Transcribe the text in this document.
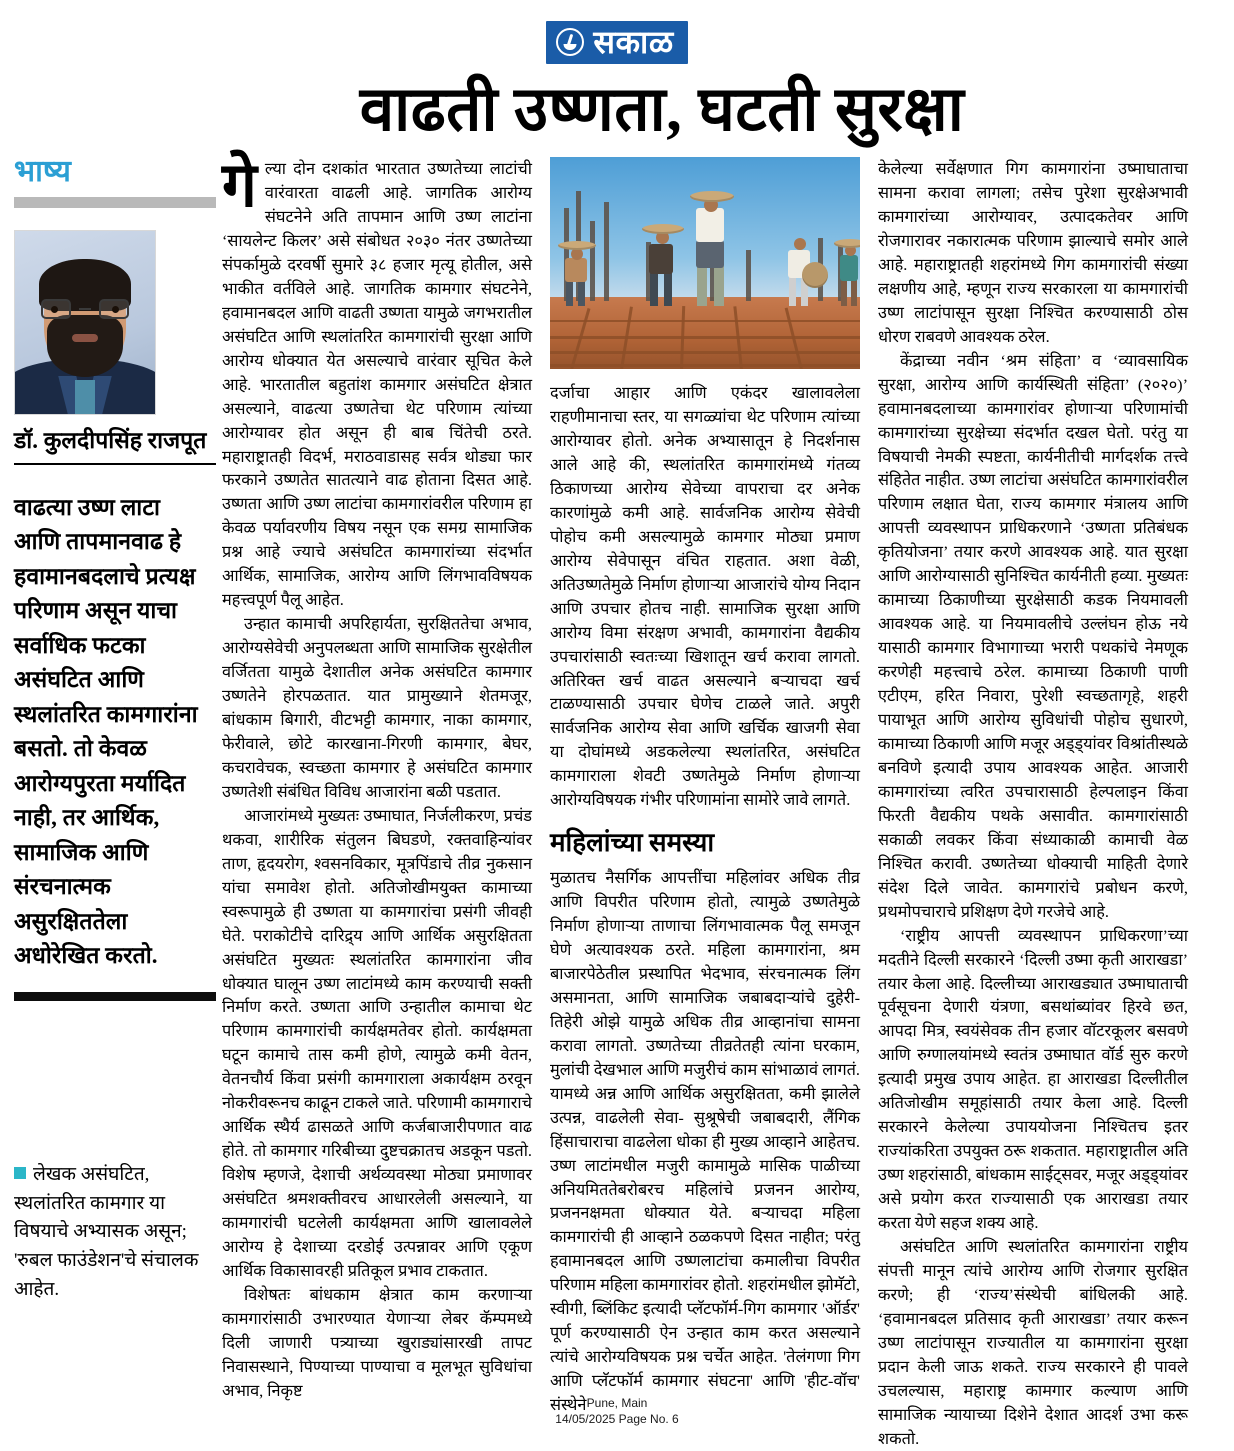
सकाळ
वाढती उष्णता, घटती सुरक्षा
भाष्य
डॉ. कुलदीपसिंह राजपूत
वाढत्या उष्ण लाटा आणि तापमानवाढ हे हवामानबदलाचे प्रत्यक्ष परिणाम असून याचा सर्वाधिक फटका असंघटित आणि स्थलांतरित कामगारांना बसतो. तो केवळ आरोग्यपुरता मर्यादित नाही, तर आर्थिक, सामाजिक आणि संरचनात्मक असुरक्षिततेला अधोरेखित करतो.
लेखक असंघटित, स्थलांतरित कामगार या विषयाचे अभ्यासक असून; 'रुबल फाउंडेशन'चे संचालक आहेत.

गेल्या दोन दशकांत भारतात उष्णतेच्या लाटांची वारंवारता वाढली आहे. जागतिक आरोग्य संघटनेने अति तापमान आणि उष्ण लाटांना ‘सायलेन्ट किलर’ असे संबोधत २०३० नंतर उष्णतेच्या संपर्कामुळे दरवर्षी सुमारे ३८ हजार मृत्यू होतील, असे भाकीत वर्तविले आहे. जागतिक कामगार संघटनेने, हवामानबदल आणि वाढती उष्णता यामुळे जगभरातील असंघटित आणि स्थलांतरित कामगारांची सुरक्षा आणि आरोग्य धोक्यात येत असल्याचे वारंवार सूचित केले आहे. भारतातील बहुतांश कामगार असंघटित क्षेत्रात असल्याने, वाढत्या उष्णतेचा थेट परिणाम त्यांच्या आरोग्यावर होत असून ही बाब चिंतेची ठरते. महाराष्ट्रातही विदर्भ, मराठवाडासह सर्वत्र थोड्या फार फरकाने उष्णतेत सातत्याने वाढ होताना दिसत आहे. उष्णता आणि उष्ण लाटांचा कामगारांवरील परिणाम हा केवळ पर्यावरणीय विषय नसून एक समग्र सामाजिक प्रश्न आहे ज्याचे असंघटित कामगारांच्या संदर्भात आर्थिक, सामाजिक, आरोग्य आणि लिंगभावविषयक महत्त्वपूर्ण पैलू आहेत.

उन्हात कामाची अपरिहार्यता, सुरक्षिततेचा अभाव, आरोग्यसेवेची अनुपलब्धता आणि सामाजिक सुरक्षेतील वर्जितता यामुळे देशातील अनेक असंघटित कामगार उष्णतेने होरपळतात. यात प्रामुख्याने शेतमजूर, बांधकाम बिगारी, वीटभट्टी कामगार, नाका कामगार, फेरीवाले, छोटे कारखाना-गिरणी कामगार, बेघर, कचरावेचक, स्वच्छता कामगार हे असंघटित कामगार उष्णतेशी संबंधित विविध आजारांना बळी पडतात.

आजारांमध्ये मुख्यतः उष्माघात, निर्जलीकरण, प्रचंड थकवा, शारीरिक संतुलन बिघडणे, रक्तवाहिन्यांवर ताण, हृदयरोग, श्वसनविकार, मूत्रपिंडाचे तीव्र नुकसान यांचा समावेश होतो. अतिजोखीमयुक्त कामाच्या स्वरूपामुळे ही उष्णता या कामगारांचा प्रसंगी जीवही घेते. पराकोटीचे दारिद्र्य आणि आर्थिक असुरक्षितता असंघटित मुख्यतः स्थलांतरित कामगारांना जीव धोक्यात घालून उष्ण लाटांमध्ये काम करण्याची सक्ती निर्माण करते. उष्णता आणि उन्हातील कामाचा थेट परिणाम कामगारांची कार्यक्षमतेवर होतो. कार्यक्षमता घटून कामाचे तास कमी होणे, त्यामुळे कमी वेतन, वेतनचौर्य किंवा प्रसंगी कामगाराला अकार्यक्षम ठरवून नोकरीवरूनच काढून टाकले जाते. परिणामी कामगाराचे आर्थिक स्थैर्य ढासळते आणि कर्जबाजारीपणात वाढ होते. तो कामगार गरिबीच्या दुष्टचक्रातच अडकून पडतो. विशेष म्हणजे, देशाची अर्थव्यवस्था मोठ्या प्रमाणावर असंघटित श्रमशक्तीवरच आधारलेली असल्याने, या कामगारांची घटलेली कार्यक्षमता आणि खालावलेले आरोग्य हे देशाच्या दरडोई उत्पन्नावर आणि एकूण आर्थिक विकासावरही प्रतिकूल प्रभाव टाकतात.

विशेषतः बांधकाम क्षेत्रात काम करणाऱ्या कामगारांसाठी उभारण्यात येणाऱ्या लेबर कॅम्पमध्ये दिली जाणारी पत्र्याच्या खुराड्यांसारखी तापट निवासस्थाने, पिण्याच्या पाण्याचा व मूलभूत सुविधांचा अभाव, निकृष्ट

दर्जाचा आहार आणि एकंदर खालावलेला राहणीमानाचा स्तर, या सगळ्यांचा थेट परिणाम त्यांच्या आरोग्यावर होतो. अनेक अभ्यासातून हे निदर्शनास आले आहे की, स्थलांतरित कामगारांमध्ये गंतव्य ठिकाणच्या आरोग्य सेवेच्या वापराचा दर अनेक कारणांमुळे कमी आहे. सार्वजनिक आरोग्य सेवेची पोहोच कमी असल्यामुळे कामगार मोठ्या प्रमाण आरोग्य सेवेपासून वंचित राहतात. अशा वेळी, अतिउष्णतेमुळे निर्माण होणाऱ्या आजारांचे योग्य निदान आणि उपचार होतच नाही. सामाजिक सुरक्षा आणि आरोग्य विमा संरक्षण अभावी, कामगारांना वैद्यकीय उपचारांसाठी स्वतःच्या खिशातून खर्च करावा लागतो. अतिरिक्त खर्च वाढत असल्याने बऱ्याचदा खर्च टाळण्यासाठी उपचार घेणेच टाळले जाते. अपुरी सार्वजनिक आरोग्य सेवा आणि खर्चिक खाजगी सेवा या दोघांमध्ये अडकलेल्या स्थलांतरित, असंघटित कामगाराला शेवटी उष्णतेमुळे निर्माण होणाऱ्या आरोग्यविषयक गंभीर परिणामांना सामोरे जावे लागते.

महिलांच्या समस्या

मुळातच नैसर्गिक आपत्तींचा महिलांवर अधिक तीव्र आणि विपरीत परिणाम होतो, त्यामुळे उष्णतेमुळे निर्माण होणाऱ्या ताणाचा लिंगभावात्मक पैलू समजून घेणे अत्यावश्यक ठरते. महिला कामगारांना, श्रम बाजारपेठेतील प्रस्थापित भेदभाव, संरचनात्मक लिंग असमानता, आणि सामाजिक जबाबदाऱ्यांचे दुहेरी-तिहेरी ओझे यामुळे अधिक तीव्र आव्हानांचा सामना करावा लागतो. उष्णतेच्या तीव्रतेतही त्यांना घरकाम, मुलांची देखभाल आणि मजुरीचं काम सांभाळावं लागतं. यामध्ये अन्न आणि आर्थिक असुरक्षितता, कमी झालेले उत्पन्न, वाढलेली सेवा- सुश्रूषेची जबाबदारी, लैंगिक हिंसाचाराचा वाढलेला धोका ही मुख्य आव्हाने आहेतच. उष्ण लाटांमधील मजुरी कामामुळे मासिक पाळीच्या अनियमिततेबरोबरच महिलांचे प्रजनन आरोग्य, प्रजननक्षमता धोक्यात येते. बऱ्याचदा महिला कामगारांची ही आव्हाने ठळकपणे दिसत नाहीत; परंतु हवामानबदल आणि उष्णलाटांचा कमालीचा विपरीत परिणाम महिला कामगारांवर होतो. शहरांमधील झोमॅटो, स्वीगी, ब्लिंकिट इत्यादी प्लॅटफॉर्म-गिग कामगार 'ऑर्डर' पूर्ण करण्यासाठी ऐन उन्हात काम करत असल्याने त्यांचे आरोग्यविषयक प्रश्न चर्चेत आहेत. 'तेलंगणा गिग आणि प्लॅटफॉर्म कामगार संघटना' आणि 'हीट-वॉच' संस्थेने

केलेल्या सर्वेक्षणात गिग कामगारांना उष्माघाताचा सामना करावा लागला; तसेच पुरेशा सुरक्षेअभावी कामगारांच्या आरोग्यावर, उत्पादकतेवर आणि रोजगारावर नकारात्मक परिणाम झाल्याचे समोर आले आहे. महाराष्ट्रातही शहरांमध्ये गिग कामगारांची संख्या लक्षणीय आहे, म्हणून राज्य सरकारला या कामगारांची उष्ण लाटांपासून सुरक्षा निश्चित करण्यासाठी ठोस धोरण राबवणे आवश्यक ठरेल.

केंद्राच्या नवीन ‘श्रम संहिता’ व ‘व्यावसायिक सुरक्षा, आरोग्य आणि कार्यस्थिती संहिता’ (२०२०)’ हवामानबदलाच्या कामगारांवर होणाऱ्या परिणामांची कामगारांच्या सुरक्षेच्या संदर्भात दखल घेतो. परंतु या विषयाची नेमकी स्पष्टता, कार्यनीतीची मार्गदर्शक तत्त्वे संहितेत नाहीत. उष्ण लाटांचा असंघटित कामगारांवरील परिणाम लक्षात घेता, राज्य कामगार मंत्रालय आणि आपत्ती व्यवस्थापन प्राधिकरणाने ‘उष्णता प्रतिबंधक कृतियोजना’ तयार करणे आवश्यक आहे. यात सुरक्षा आणि आरोग्यासाठी सुनिश्चित कार्यनीती हव्या. मुख्यतः कामाच्या ठिकाणीच्या सुरक्षेसाठी कडक नियमावली आवश्यक आहे. या नियमावलीचे उल्लंघन होऊ नये यासाठी कामगार विभागाच्या भरारी पथकांचे नेमणूक करणेही महत्त्वाचे ठरेल. कामाच्या ठिकाणी पाणी एटीएम, हरित निवारा, पुरेशी स्वच्छतागृहे, शहरी पायाभूत आणि आरोग्य सुविधांची पोहोच सुधारणे, कामाच्या ठिकाणी आणि मजूर अड्ड्यांवर विश्रांतीस्थळे बनविणे इत्यादी उपाय आवश्यक आहेत. आजारी कामगारांच्या त्वरित उपचारासाठी हेल्पलाइन किंवा फिरती वैद्यकीय पथके असावीत. कामगारांसाठी सकाळी लवकर किंवा संध्याकाळी कामाची वेळ निश्चित करावी. उष्णतेच्या धोक्याची माहिती देणारे संदेश दिले जावेत. कामगारांचे प्रबोधन करणे, प्रथमोपचाराचे प्रशिक्षण देणे गरजेचे आहे.

‘राष्ट्रीय आपत्ती व्यवस्थापन प्राधिकरणा’च्या मदतीने दिल्ली सरकारने ‘दिल्ली उष्मा कृती आराखडा’ तयार केला आहे. दिल्लीच्या आराखड्यात उष्माघाताची पूर्वसूचना देणारी यंत्रणा, बसथांब्यांवर हिरवे छत, आपदा मित्र, स्वयंसेवक तीन हजार वॉटरकूलर बसवणे आणि रुग्णालयांमध्ये स्वतंत्र उष्माघात वॉर्ड सुरु करणे इत्यादी प्रमुख उपाय आहेत. हा आराखडा दिल्लीतील अतिजोखीम समूहांसाठी तयार केला आहे. दिल्ली सरकारने केलेल्या उपाययोजना निश्चितच इतर राज्यांकरिता उपयुक्त ठरू शकतात. महाराष्ट्रातील अति उष्ण शहरांसाठी, बांधकाम साईट्सवर, मजूर अड्ड्यांवर असे प्रयोग करत राज्यासाठी एक आराखडा तयार करता येणे सहज शक्य आहे.

असंघटित आणि स्थलांतरित कामगारांना राष्ट्रीय संपत्ती मानून त्यांचे आरोग्य आणि रोजगार सुरक्षित करणे; ही ‘राज्य’संस्थेची बांधिलकी आहे. ‘हवामानबदल प्रतिसाद कृती आराखडा’ तयार करून उष्ण लाटांपासून राज्यातील या कामगारांना सुरक्षा प्रदान केली जाऊ शकते. राज्य सरकारने ही पावले उचलल्यास, महाराष्ट्र कामगार कल्याण आणि सामाजिक न्यायाच्या दिशेने देशात आदर्श उभा करू शकतो.

Pune, Main
14/05/2025 Page No. 6
